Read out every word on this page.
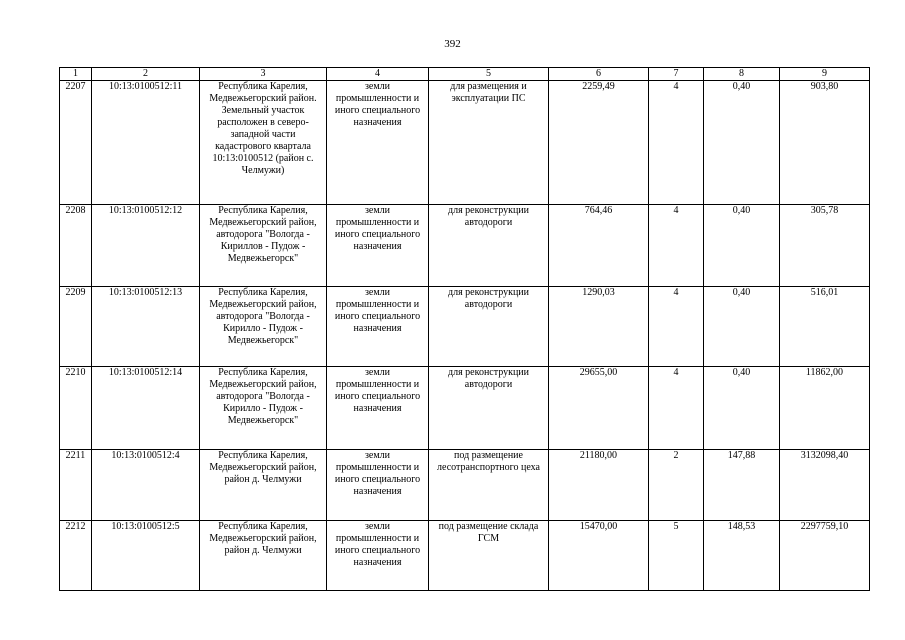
392
1	2	3	4	5	6	7	8	9
2207	10:13:0100512:11	Республика Карелия, Медвежьегорский район. Земельный участок расположен в северо-западной части кадастрового квартала 10:13:0100512 (район с. Челмужи)	земли промышленности и иного специального назначения	для размещения и эксплуатации ПС	2259,49	4	0,40	903,80
2208	10:13:0100512:12	Республика Карелия, Медвежьегорский район, автодорога "Вологда - Кириллов - Пудож - Медвежьегорск"	земли промышленности и иного специального назначения	для реконструкции автодороги	764,46	4	0,40	305,78
2209	10:13:0100512:13	Республика Карелия, Медвежьегорский район, автодорога "Вологда - Кирилло - Пудож - Медвежьегорск"	земли промышленности и иного специального назначения	для реконструкции автодороги	1290,03	4	0,40	516,01
2210	10:13:0100512:14	Республика Карелия, Медвежьегорский район, автодорога "Вологда - Кирилло - Пудож - Медвежьегорск"	земли промышленности и иного специального назначения	для реконструкции автодороги	29655,00	4	0,40	11862,00
2211	10:13:0100512:4	Республика Карелия, Медвежьегорский район, район д. Челмужи	земли промышленности и иного специального назначения	под размещение лесотранспортного цеха	21180,00	2	147,88	3132098,40
2212	10:13:0100512:5	Республика Карелия, Медвежьегорский район, район д. Челмужи	земли промышленности и иного специального назначения	под размещение склада ГСМ	15470,00	5	148,53	2297759,10
